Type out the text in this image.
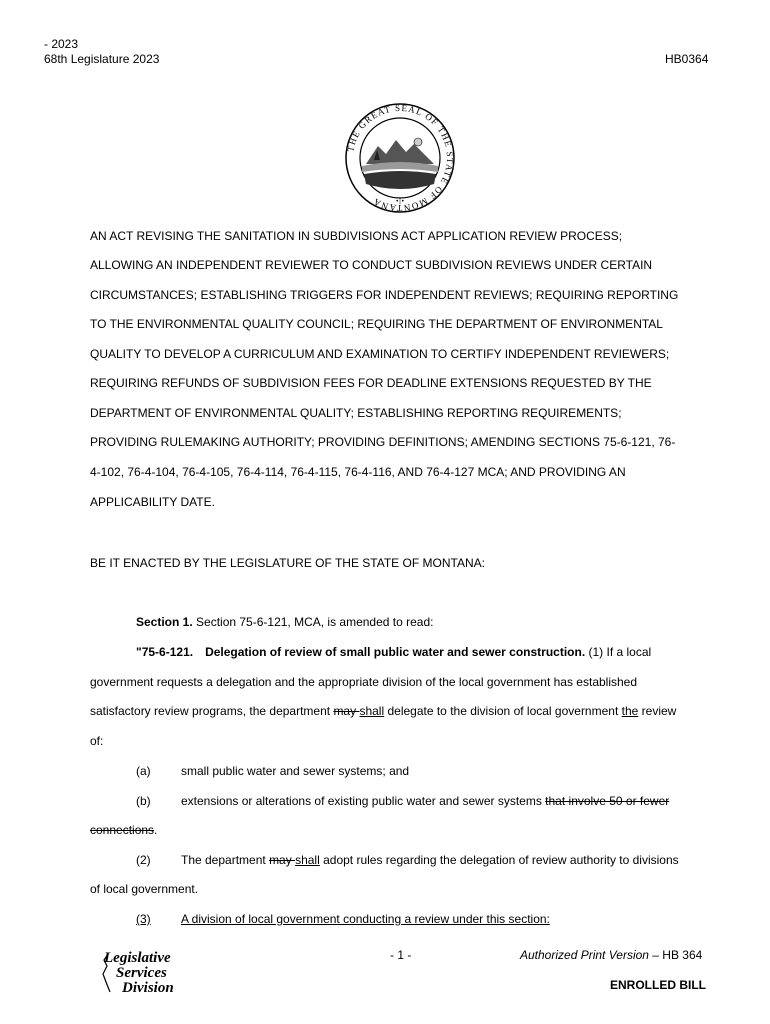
- 2023
68th Legislature 2023	HB0364
THE GREAT SEAL OF THE STATE OF MONTANA	•|•
AN ACT REVISING THE SANITATION IN SUBDIVISIONS ACT APPLICATION REVIEW PROCESS;
ALLOWING AN INDEPENDENT REVIEWER TO CONDUCT SUBDIVISION REVIEWS UNDER CERTAIN
CIRCUMSTANCES; ESTABLISHING TRIGGERS FOR INDEPENDENT REVIEWS; REQUIRING REPORTING
TO THE ENVIRONMENTAL QUALITY COUNCIL; REQUIRING THE DEPARTMENT OF ENVIRONMENTAL
QUALITY TO DEVELOP A CURRICULUM AND EXAMINATION TO CERTIFY INDEPENDENT REVIEWERS;
REQUIRING REFUNDS OF SUBDIVISION FEES FOR DEADLINE EXTENSIONS REQUESTED BY THE
DEPARTMENT OF ENVIRONMENTAL QUALITY; ESTABLISHING REPORTING REQUIREMENTS;
PROVIDING RULEMAKING AUTHORITY; PROVIDING DEFINITIONS; AMENDING SECTIONS 75-6-121, 76-
4-102, 76-4-104, 76-4-105, 76-4-114, 76-4-115, 76-4-116, AND 76-4-127 MCA; AND PROVIDING AN
APPLICABILITY DATE.
BE IT ENACTED BY THE LEGISLATURE OF THE STATE OF MONTANA:
Section 1. Section 75-6-121, MCA, is amended to read:
"75-6-121. Delegation of review of small public water and sewer construction. (1) If a local
government requests a delegation and the appropriate division of the local government has established
satisfactory review programs, the department may shall delegate to the division of local government the review
of:
(a)	small public water and sewer systems; and
(b)	extensions or alterations of existing public water and sewer systems that involve 50 or fewer
connections.
(2)	The department may shall adopt rules regarding the delegation of review authority to divisions
of local government.
(3)	A division of local government conducting a review under this section:
Legislative
Services
Division
- 1 -	Authorized Print Version – HB 364
ENROLLED BILL
